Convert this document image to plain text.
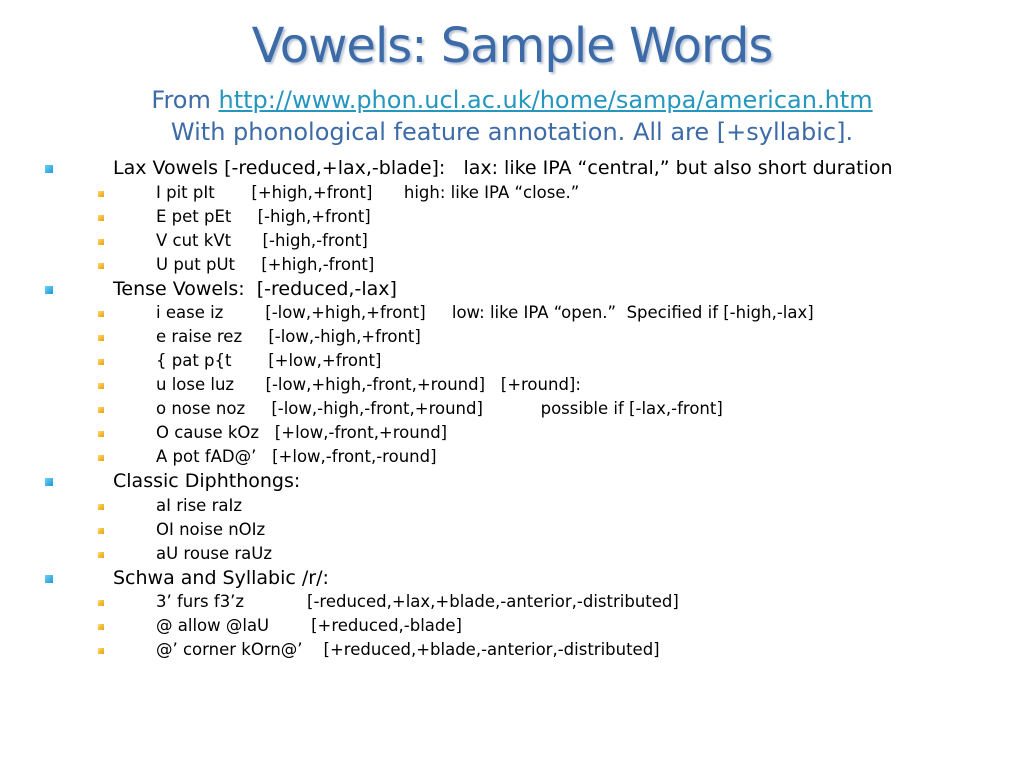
Vowels: Sample Words
From http://www.phon.ucl.ac.uk/home/sampa/american.htm
With phonological feature annotation. All are [+syllabic].
Lax Vowels [-reduced,+lax,-blade]:   lax: like IPA “central,” but also short duration
I pit pIt       [+high,+front]      high: like IPA “close.”
E pet pEt     [-high,+front]
V cut kVt      [-high,-front]
U put pUt     [+high,-front]
Tense Vowels:  [-reduced,-lax]
i ease iz        [-low,+high,+front]     low: like IPA “open.”  Specified if [-high,-lax]
e raise rez     [-low,-high,+front]
{ pat p{t       [+low,+front]
u lose luz      [-low,+high,-front,+round]   [+round]:
o nose noz     [-low,-high,-front,+round]           possible if [-lax,-front]
O cause kOz   [+low,-front,+round]
A pot fAD@’   [+low,-front,-round]
Classic Diphthongs:
aI rise raIz
OI noise nOIz
aU rouse raUz
Schwa and Syllabic /r/:
3’ furs f3’z            [-reduced,+lax,+blade,-anterior,-distributed]
@ allow @laU        [+reduced,-blade]
@’ corner kOrn@’    [+reduced,+blade,-anterior,-distributed]
